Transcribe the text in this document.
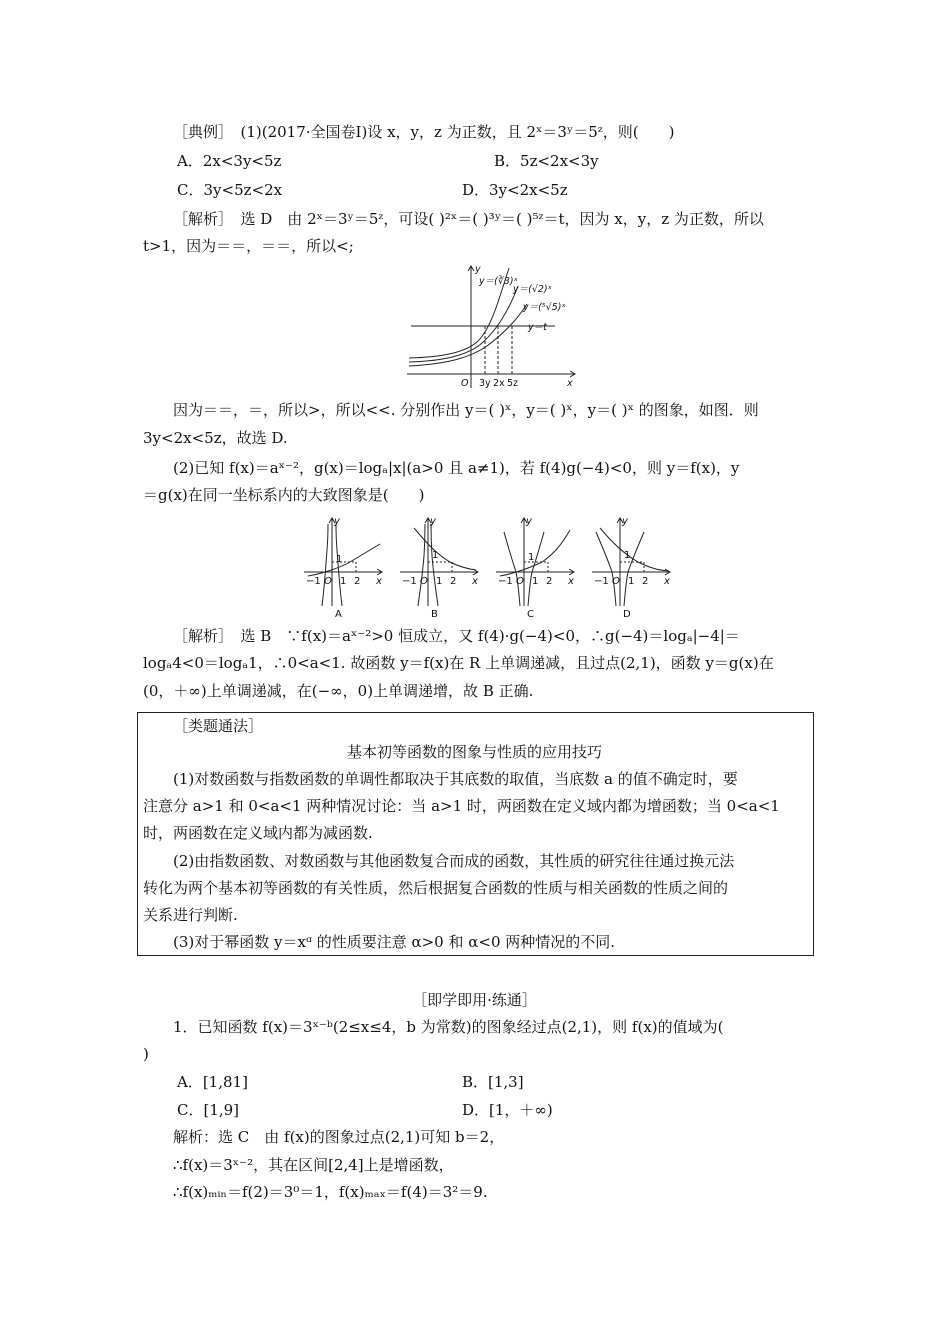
［典例］　(1)(2017·全国卷Ⅰ)设 x，y，z 为正数，且 2ˣ＝3ʸ＝5ᶻ，则(　　)
A．2x<3y<5z	B．5z<2x<3y
C．3y<5z<2x	D．3y<2x<5z
［解析］　选 D　由 2ˣ＝3ʸ＝5ᶻ，可设( )²ˣ＝( )³ʸ＝( )⁵ᶻ＝t，因为 x，y，z 为正数，所以
t>1，因为＝＝，＝＝，所以<;
y
y＝(∛3)ˣ
y＝(√2)ˣ
y＝(⁵√5)ˣ
y＝t
O 3y 2x 5z	x
因为＝＝，＝，所以>，所以<<. 分别作出 y＝( )ˣ，y＝( )ˣ，y＝( )ˣ 的图象，如图．则
3y<2x<5z，故选 D.
(2)已知 f(x)＝aˣ⁻²，g(x)＝logₐ|x|(a>0 且 a≠1)，若 f(4)g(−4)<0，则 y＝f(x)，y
＝g(x)在同一坐标系内的大致图象是(　　)
y
1
−1 O 1 2 x
A
y
1
−1 O 1 2 x
B
y
1
−1 O 1 2 x
C
y
1
−1 O 1 2 x
D
［解析］　选 B　∵f(x)＝aˣ⁻²>0 恒成立，又 f(4)·g(−4)<0，∴g(−4)＝logₐ|−4|＝
logₐ4<0＝logₐ1，∴0<a<1. 故函数 y＝f(x)在 R 上单调递减，且过点(2,1)，函数 y＝g(x)在
(0，＋∞)上单调递减，在(−∞，0)上单调递增，故 B 正确.
［类题通法］
基本初等函数的图象与性质的应用技巧
(1)对数函数与指数函数的单调性都取决于其底数的取值，当底数 a 的值不确定时，要
注意分 a>1 和 0<a<1 两种情况讨论：当 a>1 时，两函数在定义域内都为增函数；当 0<a<1
时，两函数在定义域内都为减函数.
(2)由指数函数、对数函数与其他函数复合而成的函数，其性质的研究往往通过换元法
转化为两个基本初等函数的有关性质，然后根据复合函数的性质与相关函数的性质之间的
关系进行判断.
(3)对于幂函数 y＝xᵅ 的性质要注意 α>0 和 α<0 两种情况的不同.
［即学即用·练通］
1．已知函数 f(x)＝3ˣ⁻ᵇ(2≤x≤4，b 为常数)的图象经过点(2,1)，则 f(x)的值域为(
)
A．[1,81]	B．[1,3]
C．[1,9]	D．[1，＋∞)
解析：选 C　由 f(x)的图象过点(2,1)可知 b＝2，
∴f(x)＝3ˣ⁻²，其在区间[2,4]上是增函数，
∴f(x)ₘᵢₙ＝f(2)＝3⁰＝1，f(x)ₘₐₓ＝f(4)＝3²＝9.
